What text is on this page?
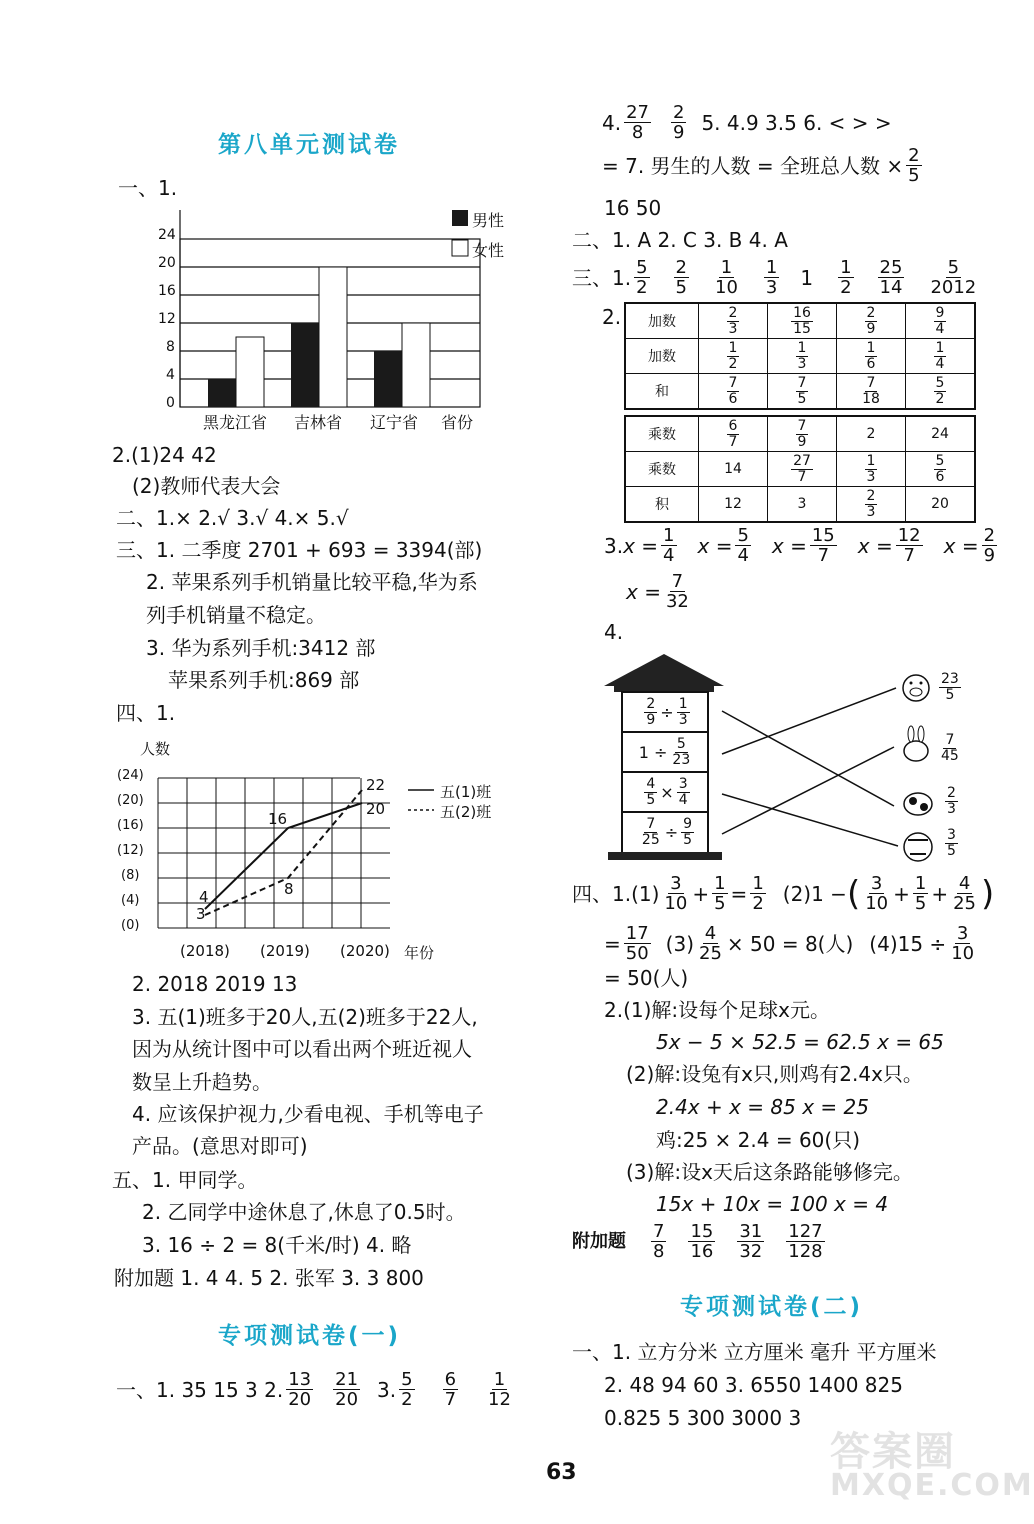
第八单元测试卷
一、1.
男性
女性
24
20
16
12
8
4
0
黑龙江省 吉林省 辽宁省 省份
2.(1)24 42
(2)教师代表大会
二、1.× 2.√ 3.√ 4.× 5.√
三、1. 二季度 2701 + 693 = 3394(部)
2. 苹果系列手机销量比较平稳,华为系
列手机销量不稳定。
3. 华为系列手机:3412 部
苹果系列手机:869 部
四、1.
人数
(24)
(20)
(16)
(12)
(8)
(4)
(0)
(2018) (2019) (2020) 年份
五(1)班
五(2)班
16
22
20
4
3
8
2. 2018 2019 13
3. 五(1)班多于20人,五(2)班多于22人,
因为从统计图中可以看出两个班近视人
数呈上升趋势。
4. 应该保护视力,少看电视、手机等电子
产品。(意思对即可)
五、1. 甲同学。
2. 乙同学中途休息了,休息了0.5时。
3. 16 ÷ 2 = 8(千米/时) 4. 略
附加题 1. 4 4. 5 2. 张军 3. 3 800
专项测试卷(一)
一、1. 35 15 3 2. $\frac{13}{20} \frac{21}{20} 3$. $\frac{5}{2} \frac{6}{7} \frac{1}{12}$
4. $\frac{27}{8} \frac{2}{9} 5$. 4.9 3.5 6. < > >
= 7. 男生的人数 = 全班总人数 × $\frac{2}{5}$
16 50
二、1. A 2. C 3. B 4. A
三、1. $\frac{5}{2} \frac{2}{5} \frac{1}{10} \frac{1}{3} 1 \frac{1}{2} \frac{25}{14} \frac{5}{2012}$
2. 加数	$\frac{2}{3}$	$\frac{16}{15}$	$\frac{2}{9}$	$\frac{9}{4}$

加数	$\frac{1}{2}$	$\frac{1}{3}$	$\frac{1}{6}$	$\frac{1}{4}$

和	$\frac{7}{6}$	$\frac{7}{5}$	$\frac{7}{18}$	$\frac{5}{2}$
乘数	$\frac{6}{7}$	$\frac{7}{9}$	2	24
乘数	14	$\frac{27}{7}$	$\frac{1}{3}$	$\frac{5}{6}$

积	12	3	$\frac{2}{3}$	20
3. $x = \frac{1}{4}$ $x = \frac{5}{4}$ $x = \frac{15}{7}$ $x = \frac{12}{7}$ $x = \frac{2}{9}$
$x = \frac{7}{32}$
4.
$\frac{2}{9} \div \frac{1}{3}$
1
÷ $\frac{5}{23}$
$\frac{4}{5} \times \frac{3}{4}$
$\frac{7}{25} \div \frac{9}{5}$
$\frac{23}{5}$
$\frac{7}{45}$
$\frac{2}{3}$
$\frac{3}{5}$
四、$1.(1) \frac{3}{10} + \frac{1}{5} = \frac{1}{2} (2)1$ − ( $\frac{3}{10} + \frac{1}{5} + \frac{4}{25}$ )
= $\frac{17}{50} (3) \frac{4}{25} \times 50 = 8$(人) $(4)15 \div \frac{3}{10}$
= 50(人)
2.(1)解:设每个足球x元。
5x − 5 × 52.5 = 62.5 x = 65
(2)解:设兔有x只,则鸡有2.4x只。
2.4x + x = 85 x = 25
鸡:25 × 2.4 = 60(只)
(3)解:设x天后这条路能够修完。
15x + 10x = 100 x = 4
附加题 $\frac{7}{8} \frac{15}{16} \frac{31}{32} \frac{127}{128}$
专项测试卷(二)
一、1. 立方分米 立方厘米 毫升 平方厘米
2. 48 94 60 3. 6550 1400 825
0.825 5 300 3000 3
63	答案圈
MXQE.COM
